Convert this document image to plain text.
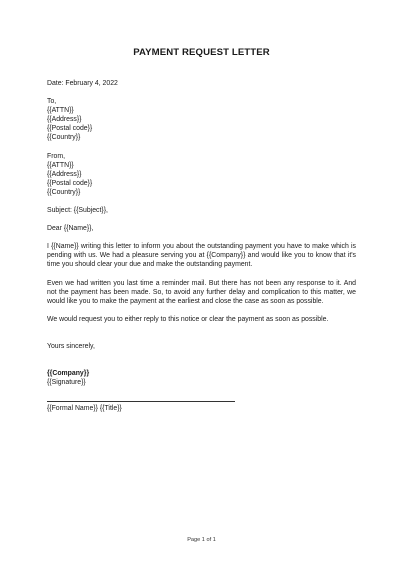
PAYMENT REQUEST LETTER
Date: February 4, 2022
To,
{{ATTN}}
{{Address}}
{{Postal code}}
{{Country}}
From,
{{ATTN}}
{{Address}}
{{Postal code}}
{{Country}}
Subject: {{Subject}},
Dear {{Name}},

I {{Name}} writing this letter to inform you about the outstanding payment you have to make which is pending with us. We had a pleasure serving you at {{Company}} and would like you to know that it's time you should clear your due and make the outstanding payment.

Even we had written you last time a reminder mail. But there has not been any response to it. And not the payment has been made. So, to avoid any further delay and complication to this matter, we would like you to make the payment at the earliest and close the case as soon as possible.

We would request you to either reply to this notice or clear the payment as soon as possible.

Yours sincerely,
{{Company}}
{{Signature}}
{{Formal Name}} {{Title}}
Page 1 of 1
